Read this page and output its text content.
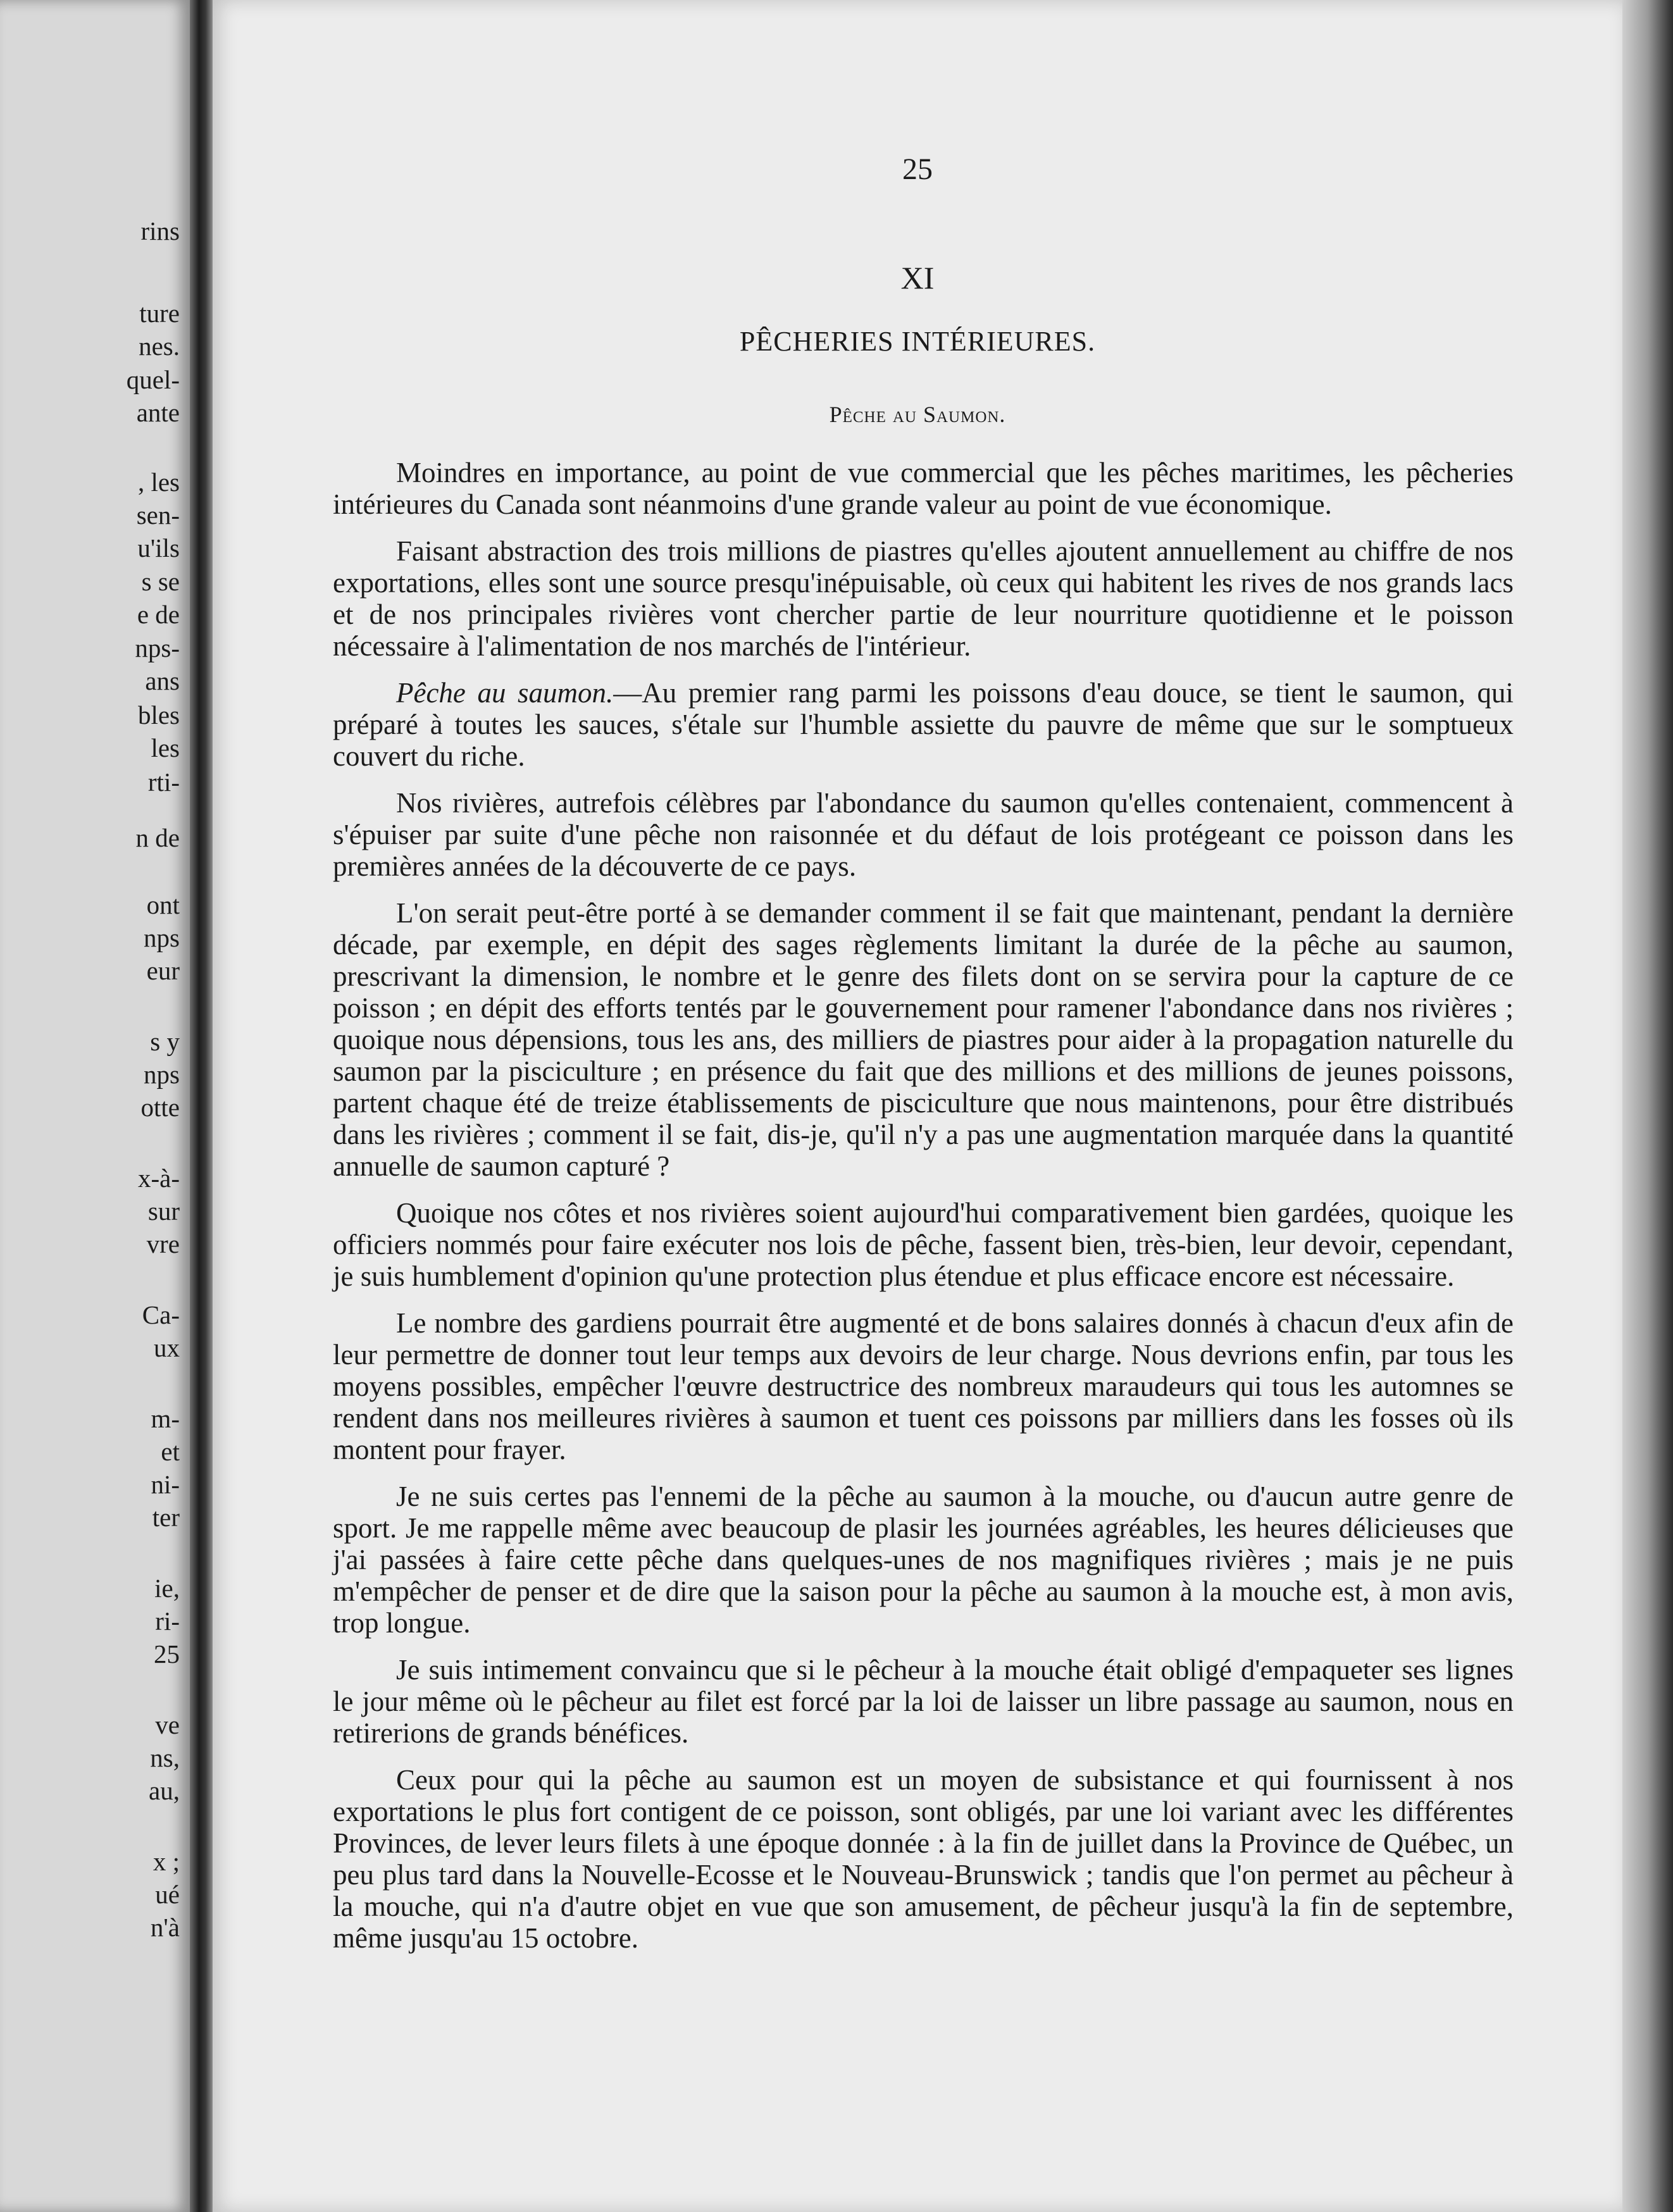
rins
ture
nes.
quel-
ante
, les
sen-
u'ils
s se
e de
nps-
ans
bles
les
rti-
n de
ont
nps
eur
s y
nps
otte
x-à-
sur
vre
Ca-
ux
m-
et
ni-
ter
ie,
ri-
25
ve
ns,
au,
x ;
ué
n'à
25
XI
PÊCHERIES INTÉRIEURES.
Pêche au Saumon.

Moindres en importance, au point de vue commercial que les pêches maritimes, les pêcheries intérieures du Canada sont néanmoins d'une grande valeur au point de vue économique.

Faisant abstraction des trois millions de piastres qu'elles ajoutent annuellement au chiffre de nos exportations, elles sont une source presqu'inépuisable, où ceux qui habitent les rives de nos grands lacs et de nos principales rivières vont chercher partie de leur nourriture quotidienne et le poisson nécessaire à l'alimentation de nos marchés de l'intérieur.

Pêche au saumon.—Au premier rang parmi les poissons d'eau douce, se tient le saumon, qui préparé à toutes les sauces, s'étale sur l'humble assiette du pauvre de même que sur le somptueux couvert du riche.

Nos rivières, autrefois célèbres par l'abondance du saumon qu'elles contenaient, commencent à s'épuiser par suite d'une pêche non raisonnée et du défaut de lois protégeant ce poisson dans les premières années de la découverte de ce pays.

L'on serait peut-être porté à se demander comment il se fait que maintenant, pendant la dernière décade, par exemple, en dépit des sages règlements limitant la durée de la pêche au saumon, prescrivant la dimension, le nombre et le genre des filets dont on se servira pour la capture de ce poisson ; en dépit des efforts tentés par le gouvernement pour ramener l'abondance dans nos rivières ; quoique nous dépensions, tous les ans, des milliers de piastres pour aider à la propagation naturelle du saumon par la pisciculture ; en présence du fait que des millions et des millions de jeunes poissons, partent chaque été de treize établissements de pisciculture que nous maintenons, pour être distribués dans les rivières ; comment il se fait, dis-je, qu'il n'y a pas une augmentation marquée dans la quantité annuelle de saumon capturé ?

Quoique nos côtes et nos rivières soient aujourd'hui comparativement bien gardées, quoique les officiers nommés pour faire exécuter nos lois de pêche, fassent bien, très-bien, leur devoir, cependant, je suis humblement d'opinion qu'une protection plus étendue et plus efficace encore est nécessaire.

Le nombre des gardiens pourrait être augmenté et de bons salaires donnés à chacun d'eux afin de leur permettre de donner tout leur temps aux devoirs de leur charge. Nous devrions enfin, par tous les moyens possibles, empêcher l'œuvre destructrice des nombreux maraudeurs qui tous les automnes se rendent dans nos meilleures rivières à saumon et tuent ces poissons par milliers dans les fosses où ils montent pour frayer.

Je ne suis certes pas l'ennemi de la pêche au saumon à la mouche, ou d'aucun autre genre de sport. Je me rappelle même avec beaucoup de plasir les journées agréables, les heures délicieuses que j'ai passées à faire cette pêche dans quelques-unes de nos magnifiques rivières ; mais je ne puis m'empêcher de penser et de dire que la saison pour la pêche au saumon à la mouche est, à mon avis, trop longue.

Je suis intimement convaincu que si le pêcheur à la mouche était obligé d'empaqueter ses lignes le jour même où le pêcheur au filet est forcé par la loi de laisser un libre passage au saumon, nous en retirerions de grands bénéfices.

Ceux pour qui la pêche au saumon est un moyen de subsistance et qui fournissent à nos exportations le plus fort contigent de ce poisson, sont obligés, par une loi variant avec les différentes Provinces, de lever leurs filets à une époque donnée : à la fin de juillet dans la Province de Québec, un peu plus tard dans la Nouvelle-Ecosse et le Nouveau-Brunswick ; tandis que l'on permet au pêcheur à la mouche, qui n'a d'autre objet en vue que son amusement, de pêcheur jusqu'à la fin de septembre, même jusqu'au 15 octobre.
